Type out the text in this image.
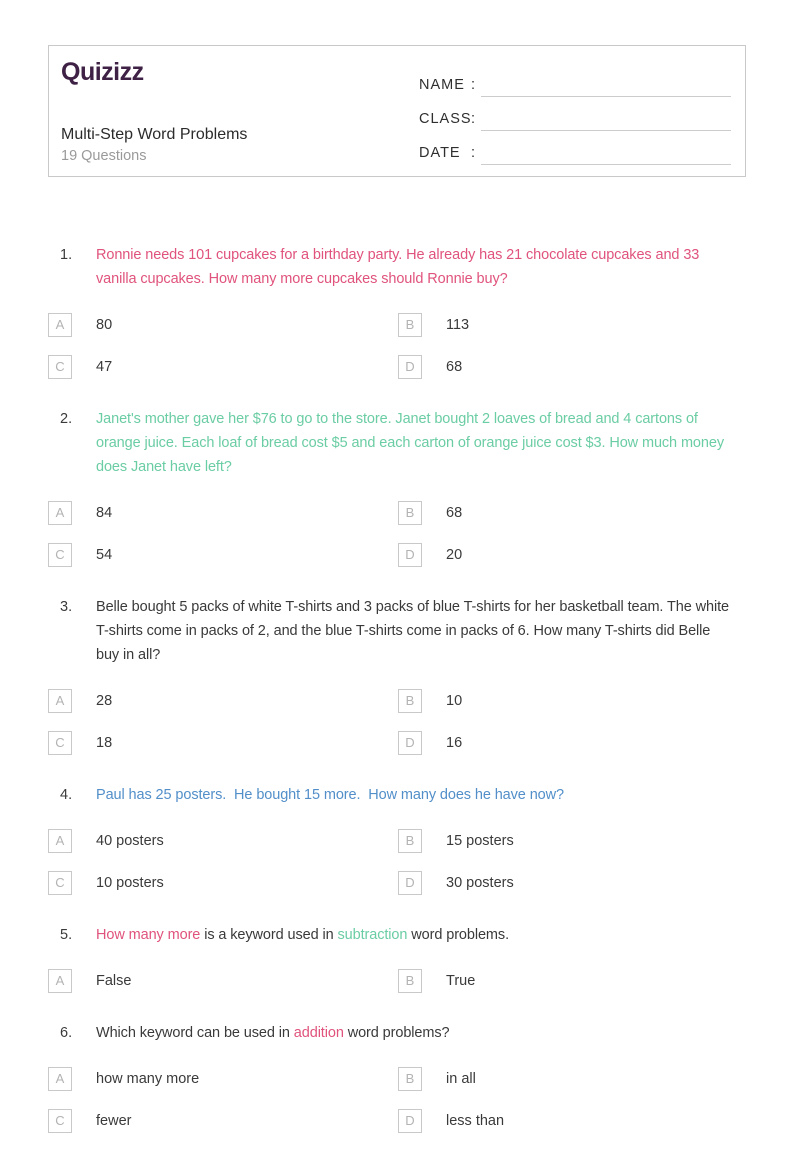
Quizizz
Multi-Step Word Problems
19 Questions
NAME :
CLASS :
DATE :
1.	Ronnie needs 101 cupcakes for a birthday party. He already has 21 chocolate cupcakes and 33 vanilla cupcakes. How many more cupcakes should Ronnie buy?

A	80	B	113
C	47	D	68
2.	Janet's mother gave her $76 to go to the store. Janet bought 2 loaves of bread and 4 cartons of orange juice. Each loaf of bread cost $5 and each carton of orange juice cost $3. How much money does Janet have left?

A	84	B	68
C	54	D	20
3.	Belle bought 5 packs of white T-shirts and 3 packs of blue T-shirts for her basketball team. The white T-shirts come in packs of 2, and the blue T-shirts come in packs of 6. How many T-shirts did Belle buy in all?

A	28	B	10
C	18	D	16
4.	Paul has 25 posters.  He bought 15 more.  How many does he have now?

A	40 posters	B	15 posters
C	10 posters	D	30 posters
5.	How many more is a keyword used in subtraction word problems.

A	False	B	True
6.	Which keyword can be used in addition word problems?

A	how many more	B	in all
C	fewer	D	less than
